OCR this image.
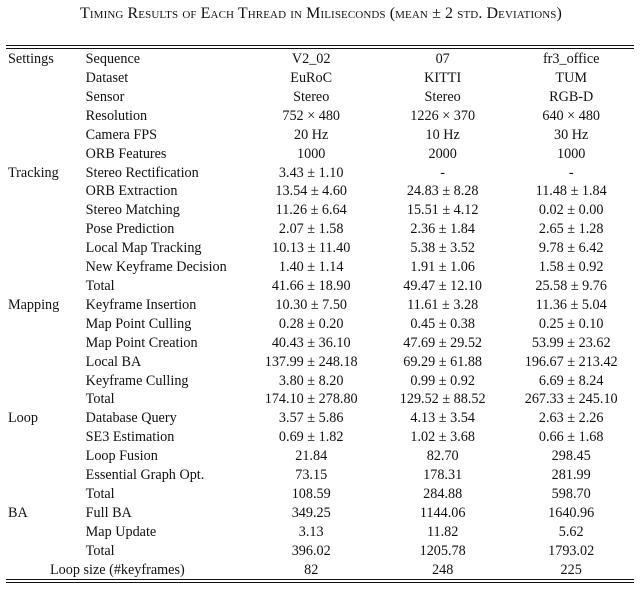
Timing Results of Each Thread in Miliseconds (mean ± 2 std. Deviations)
Settings	Sequence	V2_02	07	fr3_office
	Dataset	EuRoC	KITTI	TUM
	Sensor	Stereo	Stereo	RGB-D
	Resolution	752 × 480	1226 × 370	640 × 480
	Camera FPS	20 Hz	10 Hz	30 Hz
	ORB Features	1000	2000	1000
Tracking	Stereo Rectification	3.43 ± 1.10	-	-
	ORB Extraction	13.54 ± 4.60	24.83 ± 8.28	11.48 ± 1.84
	Stereo Matching	11.26 ± 6.64	15.51 ± 4.12	0.02 ± 0.00
	Pose Prediction	2.07 ± 1.58	2.36 ± 1.84	2.65 ± 1.28
	Local Map Tracking	10.13 ± 11.40	5.38 ± 3.52	9.78 ± 6.42
	New Keyframe Decision	1.40 ± 1.14	1.91 ± 1.06	1.58 ± 0.92
	Total	41.66 ± 18.90	49.47 ± 12.10	25.58 ± 9.76
Mapping	Keyframe Insertion	10.30 ± 7.50	11.61 ± 3.28	11.36 ± 5.04
	Map Point Culling	0.28 ± 0.20	0.45 ± 0.38	0.25 ± 0.10
	Map Point Creation	40.43 ± 36.10	47.69 ± 29.52	53.99 ± 23.62
	Local BA	137.99 ± 248.18	69.29 ± 61.88	196.67 ± 213.42
	Keyframe Culling	3.80 ± 8.20	0.99 ± 0.92	6.69 ± 8.24
	Total	174.10 ± 278.80	129.52 ± 88.52	267.33 ± 245.10
Loop	Database Query	3.57 ± 5.86	4.13 ± 3.54	2.63 ± 2.26
	SE3 Estimation	0.69 ± 1.82	1.02 ± 3.68	0.66 ± 1.68
	Loop Fusion	21.84	82.70	298.45
	Essential Graph Opt.	73.15	178.31	281.99
	Total	108.59	284.88	598.70
BA	Full BA	349.25	1144.06	1640.96
	Map Update	3.13	11.82	5.62
	Total	396.02	1205.78	1793.02
Loop size (#keyframes)		82	248	225
